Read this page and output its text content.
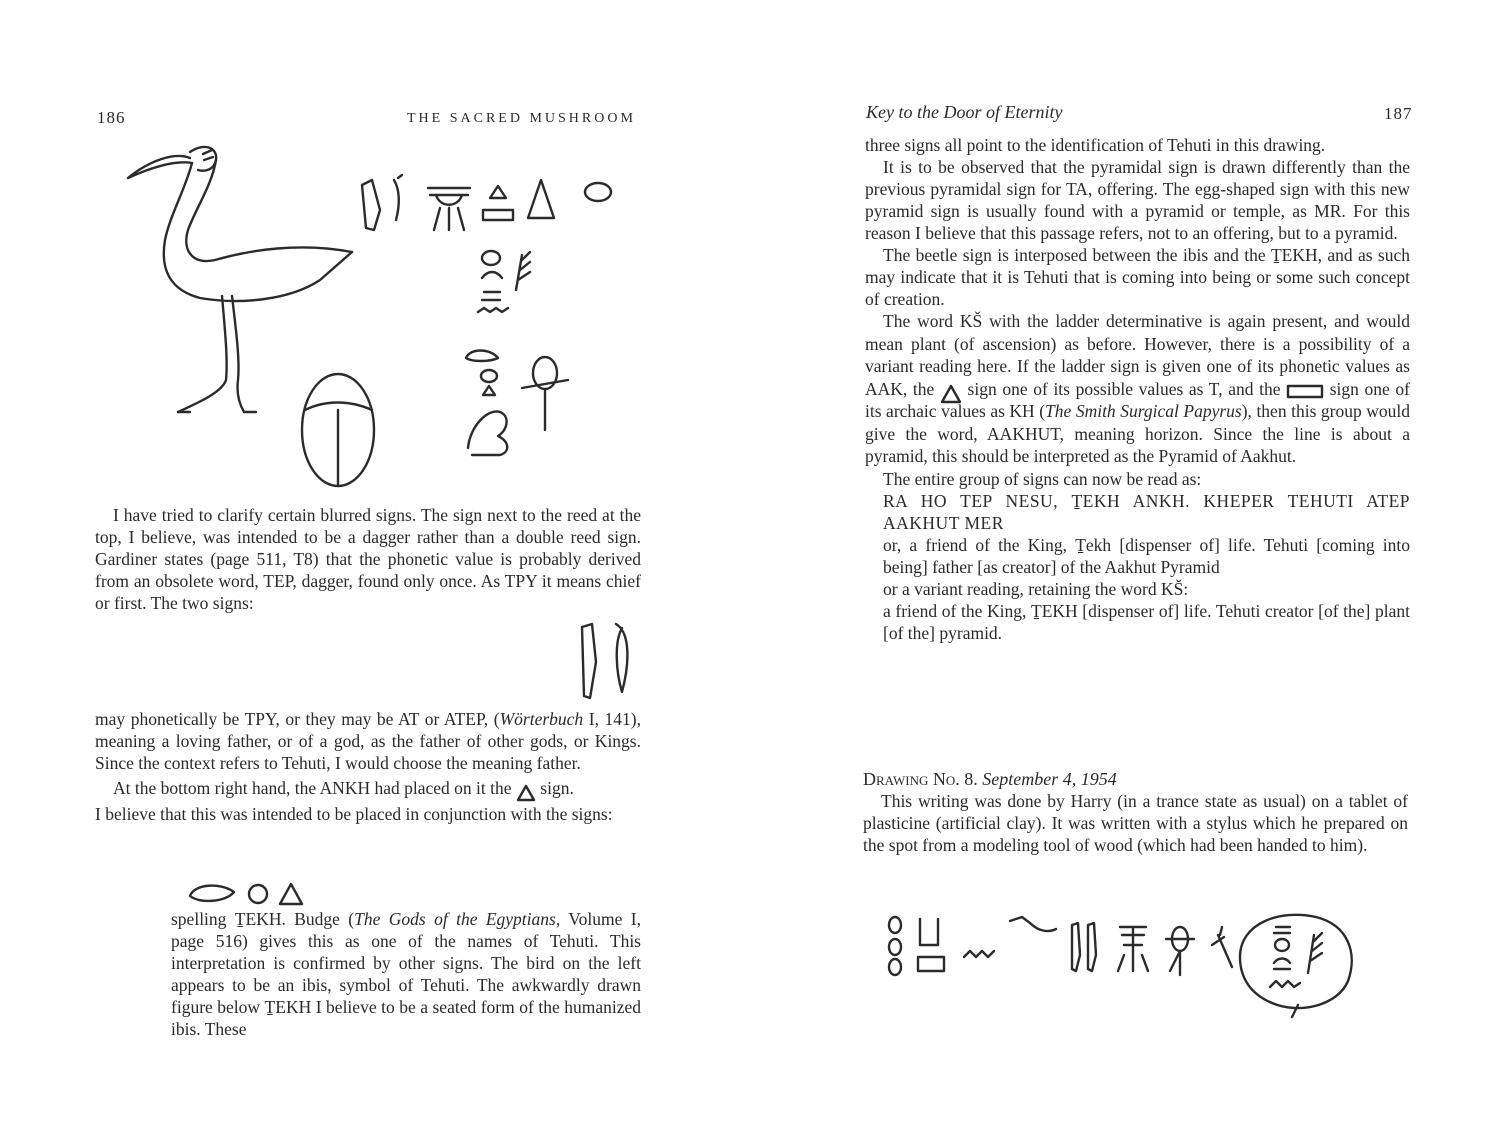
186	THE SACRED MUSHROOM

I have tried to clarify certain blurred signs. The sign next to the reed at the top, I believe, was intended to be a dagger rather than a double reed sign. Gardiner states (page 511, T8) that the phonetic value is probably derived from an obsolete word, TEP, dagger, found only once. As TPY it means chief or first. The two signs:

may phonetically be TPY, or they may be AT or ATEP, (Wörterbuch I, 141), meaning a loving father, or of a god, as the father of other gods, or Kings. Since the context refers to Tehuti, I would choose the meaning father.

At the bottom right hand, the ANKH had placed on it the sign.

I believe that this was intended to be placed in conjunction with the signs:

spelling ṮEKH. Budge (The Gods of the Egyptians, Volume I, page 516) gives this as one of the names of Tehuti. This interpretation is confirmed by other signs. The bird on the left appears to be an ibis, symbol of Tehuti. The awkwardly drawn figure below ṮEKH I believe to be a seated form of the humanized ibis. These

Key to the Door of Eternity	187

three signs all point to the identification of Tehuti in this drawing.

It is to be observed that the pyramidal sign is drawn differently than the previous pyramidal sign for TA, offering. The egg-shaped sign with this new pyramid sign is usually found with a pyramid or temple, as MR. For this reason I believe that this passage refers, not to an offering, but to a pyramid.

The beetle sign is interposed between the ibis and the ṮEKH, and as such may indicate that it is Tehuti that is coming into being or some such concept of creation.

The word KŠ with the ladder determinative is again present, and would mean plant (of ascension) as before. However, there is a possibility of a variant reading here. If the ladder sign is given one of its phonetic values as AAK, the sign one of its possible values as T, and the	sign one of its archaic values as KH (The Smith Surgical Papyrus), then this group would give the word, AAKHUT, meaning horizon. Since the line is about a pyramid, this should be interpreted as the Pyramid of Aakhut.

The entire group of signs can now be read as:

RA HO TEP NESU, ṮEKH ANKH. KHEPER TEHUTI ATEP AAKHUT MER

or, a friend of the King, Ṯekh [dispenser of] life. Tehuti [coming into being] father [as creator] of the Aakhut Pyramid

or a variant reading, retaining the word KŠ:

a friend of the King, ṮEKH [dispenser of] life. Tehuti creator [of the] plant [of the] pyramid.

Drawing No. 8. September 4, 1954

This writing was done by Harry (in a trance state as usual) on a tablet of plasticine (artificial clay). It was written with a stylus which he prepared on the spot from a modeling tool of wood (which had been handed to him).
